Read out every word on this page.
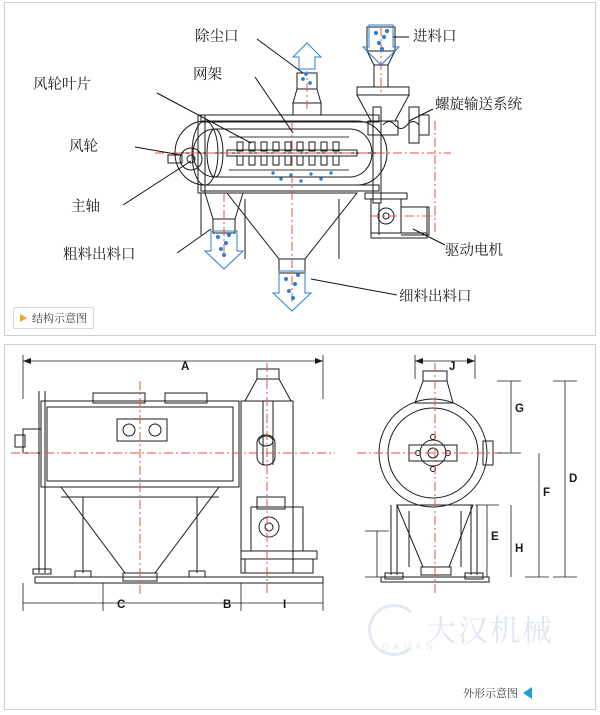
除尘口	进料口
网架
螺旋输送系统
风轮叶片
风轮
主轴
粗料出料口	驱动电机
细料出料口
结构示意图
A
B
C	I
J
G
F
D
E
H
外形示意图
大汉机械
DAHAN
